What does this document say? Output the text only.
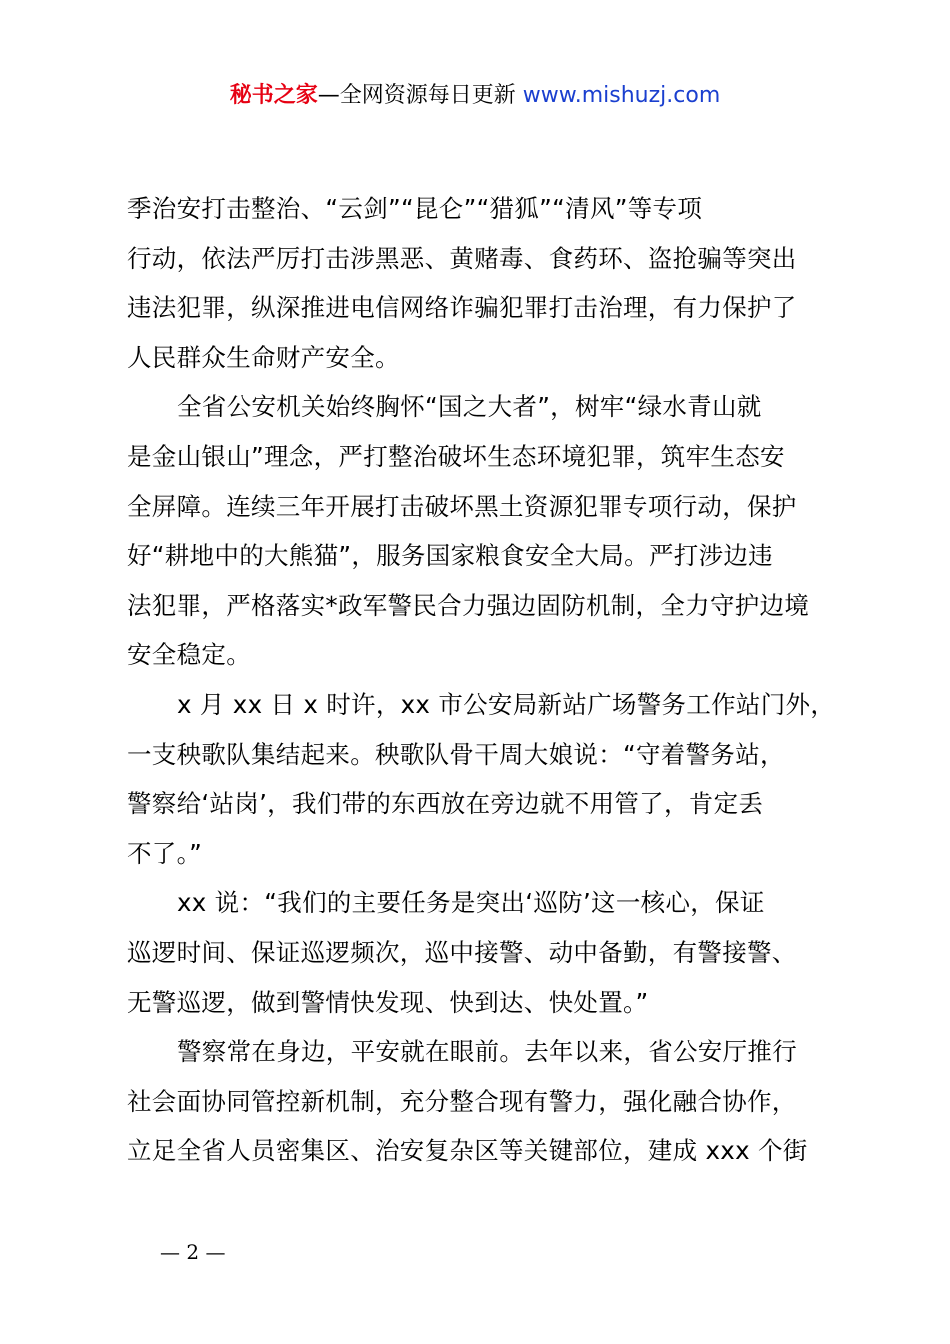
秘书之家—全网资源每日更新 www.mishuzj.com
季治安打击整治、“云剑”“昆仑”“猎狐”“清风”等专项
行动，依法严厉打击涉黑恶、黄赌毒、食药环、盗抢骗等突出
违法犯罪，纵深推进电信网络诈骗犯罪打击治理，有力保护了
人民群众生命财产安全。
全省公安机关始终胸怀“国之大者”，树牢“绿水青山就
是金山银山”理念，严打整治破坏生态环境犯罪，筑牢生态安
全屏障。连续三年开展打击破坏黑土资源犯罪专项行动，保护
好“耕地中的大熊猫”，服务国家粮食安全大局。严打涉边违
法犯罪，严格落实*政军警民合力强边固防机制，全力守护边境
安全稳定。
x 月 xx 日 x 时许，xx 市公安局新站广场警务工作站门外，
一支秧歌队集结起来。秧歌队骨干周大娘说：“守着警务站，
警察给‘站岗’，我们带的东西放在旁边就不用管了，肯定丢
不了。”
xx 说：“我们的主要任务是突出‘巡防’这一核心，保证
巡逻时间、保证巡逻频次，巡中接警、动中备勤，有警接警、
无警巡逻，做到警情快发现、快到达、快处置。”
警察常在身边，平安就在眼前。去年以来，省公安厅推行
社会面协同管控新机制，充分整合现有警力，强化融合协作，
立足全省人员密集区、治安复杂区等关键部位，建成 xxx 个街
— 2 —
